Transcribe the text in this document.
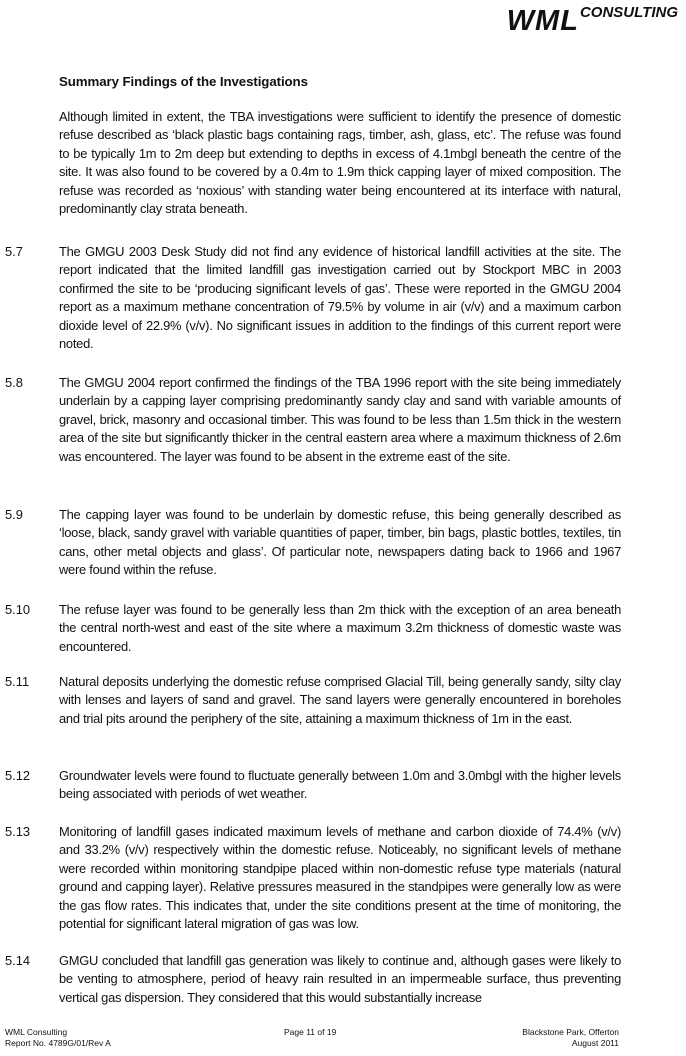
WMLCONSULTING
Summary Findings of the Investigations
Although limited in extent, the TBA investigations were sufficient to identify the presence of domestic refuse described as ‘black plastic bags containing rags, timber, ash, glass, etc’. The refuse was found to be typically 1m to 2m deep but extending to depths in excess of 4.1mbgl beneath the centre of the site. It was also found to be covered by a 0.4m to 1.9m thick capping layer of mixed composition. The refuse was recorded as ‘noxious’ with standing water being encountered at its interface with natural, predominantly clay strata beneath.
5.7	The GMGU 2003 Desk Study did not find any evidence of historical landfill activities at the site. The report indicated that the limited landfill gas investigation carried out by Stockport MBC in 2003 confirmed the site to be ‘producing significant levels of gas’. These were reported in the GMGU 2004 report as a maximum methane concentration of 79.5% by volume in air (v/v) and a maximum carbon dioxide level of 22.9% (v/v). No significant issues in addition to the findings of this current report were noted.
5.8	The GMGU 2004 report confirmed the findings of the TBA 1996 report with the site being immediately underlain by a capping layer comprising predominantly sandy clay and sand with variable amounts of gravel, brick, masonry and occasional timber. This was found to be less than 1.5m thick in the western area of the site but significantly thicker in the central eastern area where a maximum thickness of 2.6m was encountered. The layer was found to be absent in the extreme east of the site.
5.9	The capping layer was found to be underlain by domestic refuse, this being generally described as ‘loose, black, sandy gravel with variable quantities of paper, timber, bin bags, plastic bottles, textiles, tin cans, other metal objects and glass’. Of particular note, newspapers dating back to 1966 and 1967 were found within the refuse.
5.10 The refuse layer was found to be generally less than 2m thick with the exception of an area beneath the central north-west and east of the site where a maximum 3.2m thickness of domestic waste was encountered.
5.11 Natural deposits underlying the domestic refuse comprised Glacial Till, being generally sandy, silty clay with lenses and layers of sand and gravel. The sand layers were generally encountered in boreholes and trial pits around the periphery of the site, attaining a maximum thickness of 1m in the east.
5.12 Groundwater levels were found to fluctuate generally between 1.0m and 3.0mbgl with the higher levels being associated with periods of wet weather.
5.13 Monitoring of landfill gases indicated maximum levels of methane and carbon dioxide of 74.4% (v/v) and 33.2% (v/v) respectively within the domestic refuse. Noticeably, no significant levels of methane were recorded within monitoring standpipe placed within non-domestic refuse type materials (natural ground and capping layer). Relative pressures measured in the standpipes were generally low as were the gas flow rates. This indicates that, under the site conditions present at the time of monitoring, the potential for significant lateral migration of gas was low.
5.14 GMGU concluded that landfill gas generation was likely to continue and, although gases were likely to be venting to atmosphere, period of heavy rain resulted in an impermeable surface, thus preventing vertical gas dispersion. They considered that this would substantially increase
WML Consulting
Report No. 4789G/01/Rev A
Page 11 of 19	Blackstone Park, Offerton
August 2011
